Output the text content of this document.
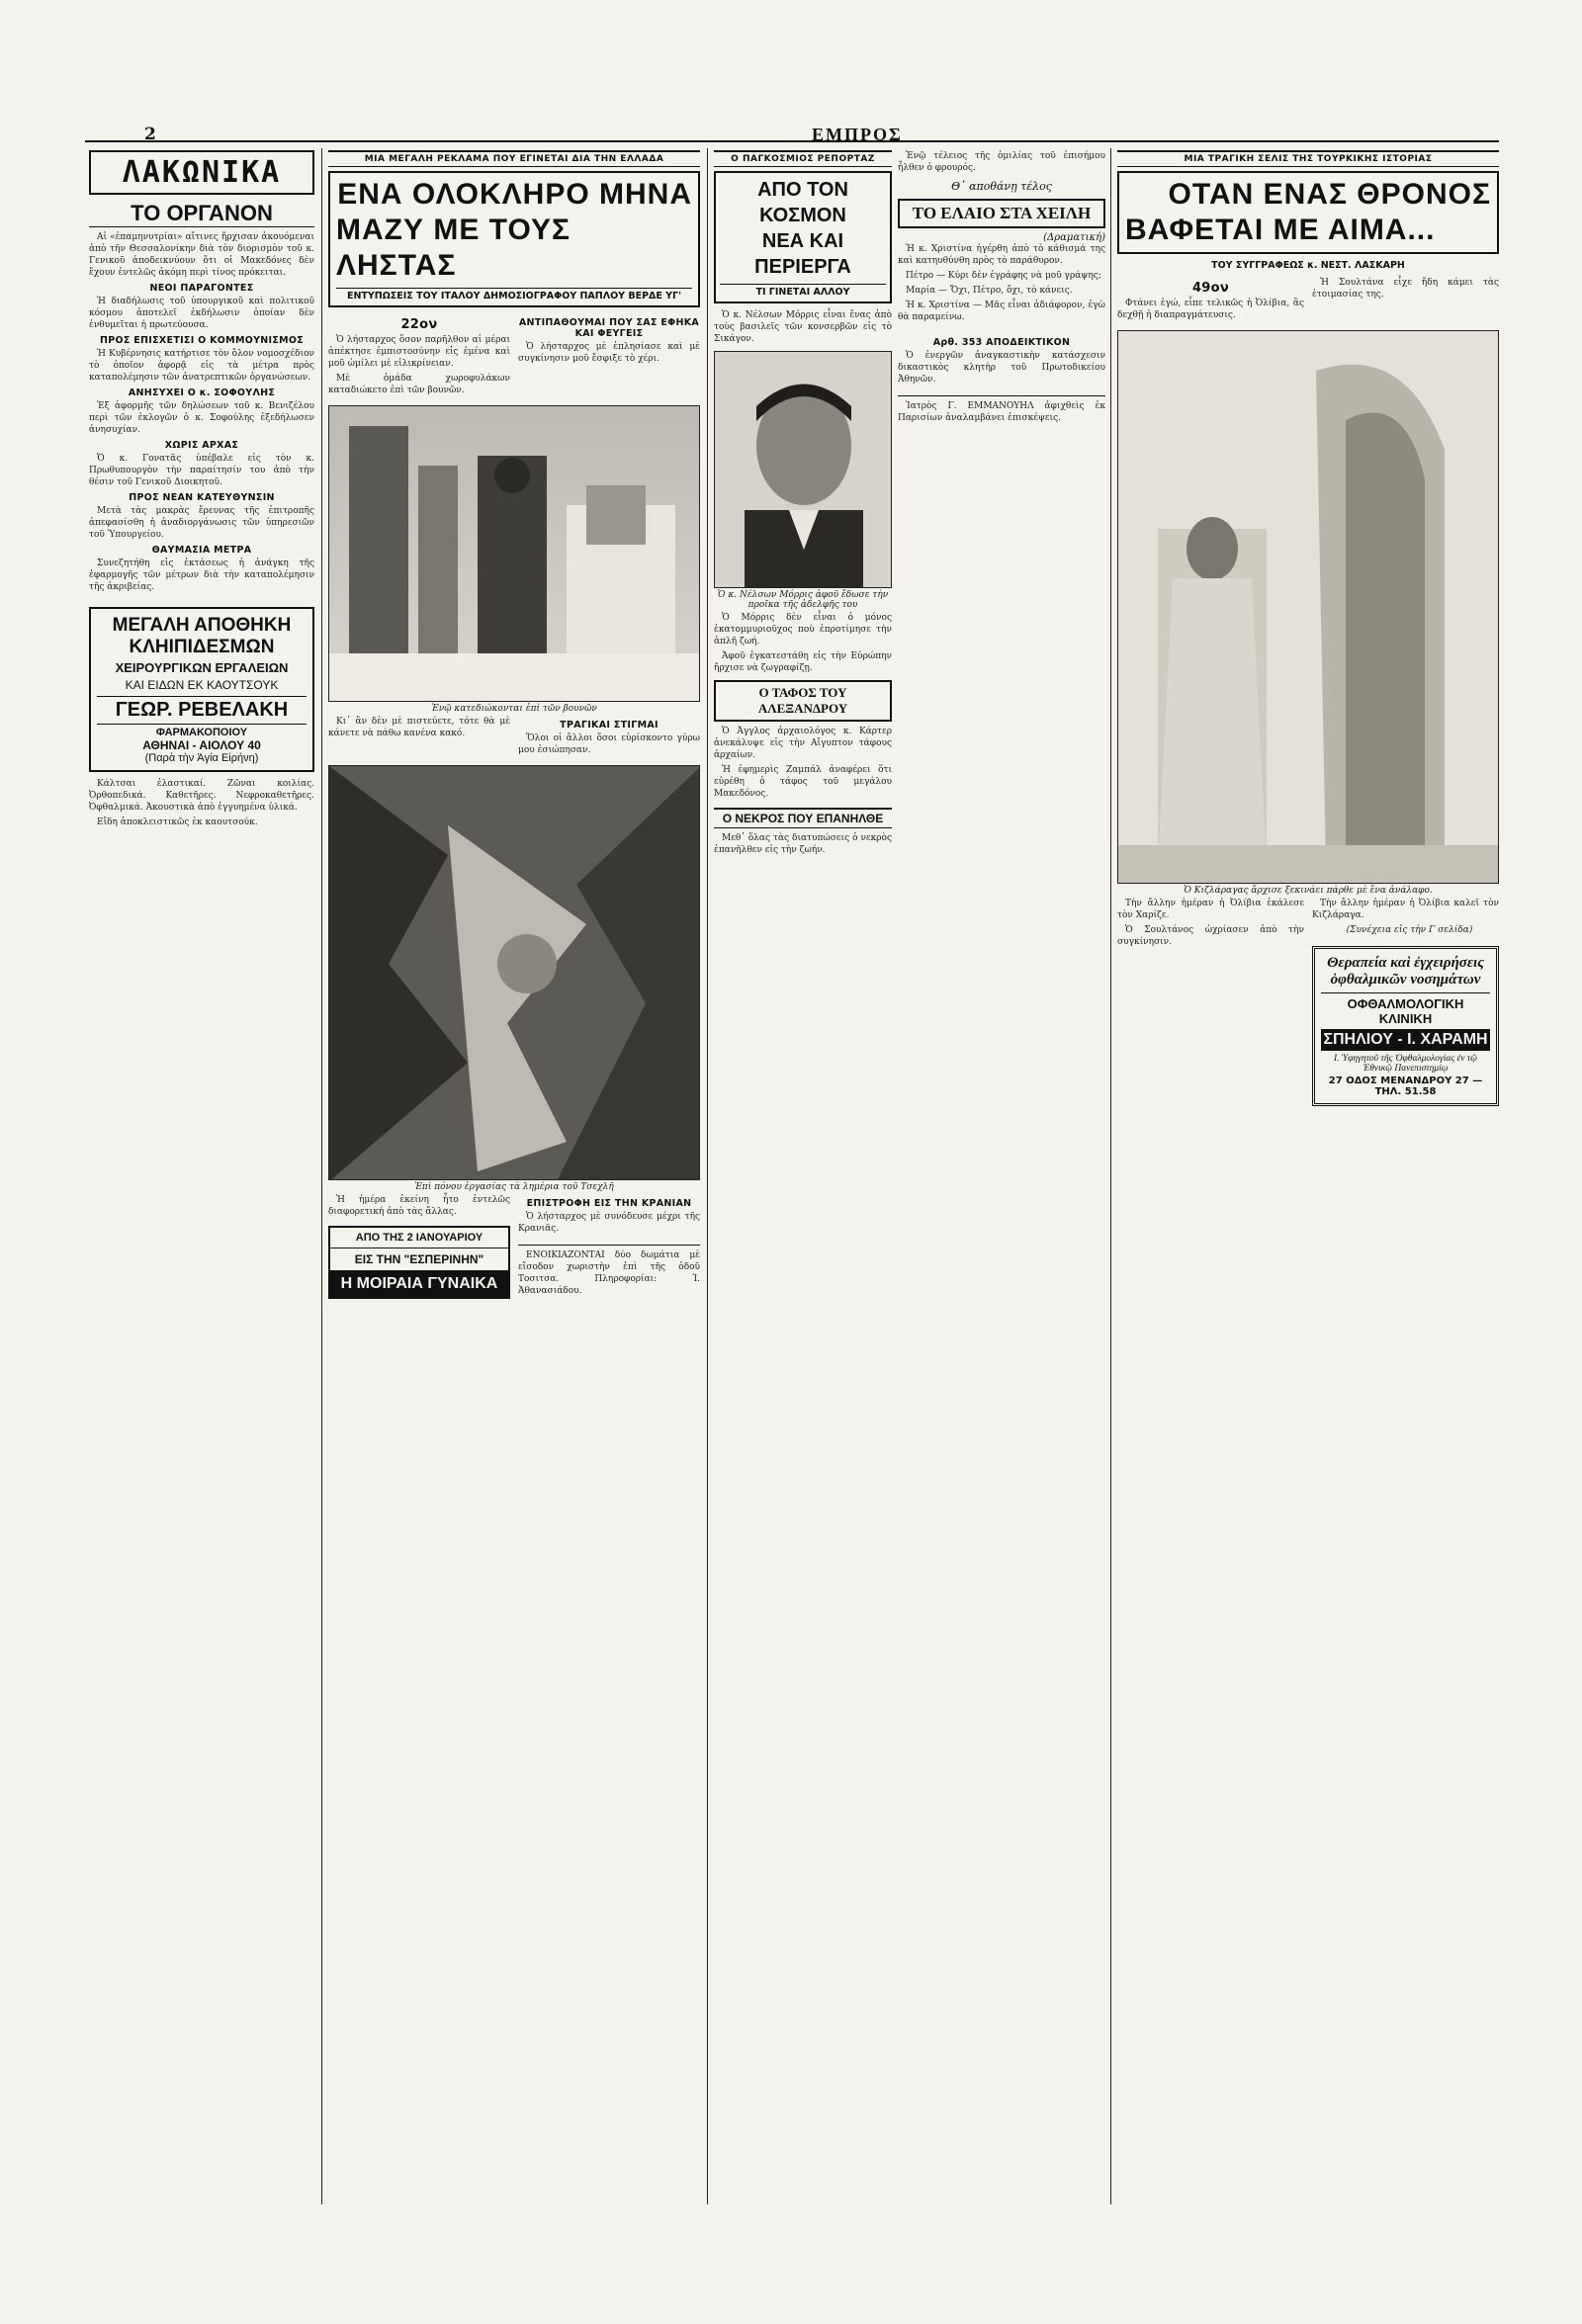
2	ΕΜΠΡΟΣ
ΛΑΚΩΝΙΚΑ
ΤΟ ΟΡΓΑΝΟΝ

Αἱ «ἐπαμηνυτρίαι» αἵτινες ἤρχισαν ἀκουόμεναι ἀπὸ τῆν Θεσσαλονίκην διὰ τὸν διορισμὸν τοῦ κ. Γενικοῦ ἀποδεικνύουν ὅτι οἱ Μακεδόνες δὲν ἔχουν ἐντελῶς ἀκόμη περὶ τίνος πρόκειται.

ΝΕΟΙ ΠΑΡΑΓΟΝΤΕΣ

Ἡ διαδήλωσις τοῦ ὑπουργικοῦ καὶ πολιτικοῦ κόσμου ἀποτελεῖ ἐκδήλωσιν ὁποίαν δὲν ἐνθυμεῖται ἡ πρωτεύουσα.

ΠΡΟΣ ΕΠΙΣΧΕΤΙΣΙ Ο ΚΟΜΜΟΥΝΙΣΜΟΣ

Ἡ Κυβέρνησις κατήρτισε τὸν ὅλον νομοσχέδιον τὸ ὁποῖον ἀφορᾷ εἰς τὰ μέτρα πρὸς καταπολέμησιν τῶν ἀνατρεπτικῶν ὀργανώσεων.

ΑΝΗΣΥΧΕΙ Ο κ. ΣΟΦΟΥΛΗΣ

Ἐξ ἀφορμῆς τῶν δηλώσεων τοῦ κ. Βενιζέλου περὶ τῶν ἐκλογῶν ὁ κ. Σοφούλης ἐξεδήλωσεν ἀνησυχίαν.

ΧΩΡΙΣ ΑΡΧΑΣ

Ὁ κ. Γονατᾶς ὑπέβαλε εἰς τὸν κ. Πρωθυπουργὸν τὴν παραίτησίν του ἀπὸ τὴν θέσιν τοῦ Γενικοῦ Διοικητοῦ.

ΠΡΟΣ ΝΕΑΝ ΚΑΤΕΥΘΥΝΣΙΝ

Μετὰ τὰς μακρὰς ἔρευνας τῆς ἐπιτροπῆς ἀπεφασίσθη ἡ ἀναδιοργάνωσις τῶν ὑπηρεσιῶν τοῦ Ὑπουργείου.

ΘΑΥΜΑΣΙΑ ΜΕΤΡΑ

Συνεζητήθη εἰς ἐκτάσεως ἡ ἀνάγκη τῆς ἐφαρμογῆς τῶν μέτρων διὰ τὴν καταπολέμησιν τῆς ἀκριβείας.

ΜΕΓΑΛΗ ΑΠΟΘΗΚΗ ΚΛΗΙΠΙΔΕΣΜΩΝ
ΧΕΙΡΟΥΡΓΙΚΩΝ ΕΡΓΑΛΕΙΩΝ
ΚΑΙ ΕΙΔΩΝ ΕΚ ΚΑΟΥΤΣΟΥΚ
ΓΕΩΡ. ΡΕΒΕΛΑΚΗ
ΦΑΡΜΑΚΟΠΟΙΟΥ
ΑΘΗΝΑΙ - ΑΙΟΛΟΥ 40
(Παρὰ τὴν Ἁγία Εἰρήνη)

Κάλτσαι ἐλαστικαί. Ζῶναι κοιλίας. Ὀρθοπεδικά. Καθετῆρες. Νεφροκαθετῆρες. Ὀφθαλμικά. Ἀκουστικὰ ἀπὸ ἐγγυημένα ὑλικά.

Εἴδη ἀποκλειστικῶς ἐκ καουτσούκ.

ΜΙΑ ΜΕΓΑΛΗ ΡΕΚΛΑΜΑ ΠΟΥ ΕΓΙΝΕΤΑΙ ΔΙΑ ΤΗΝ ΕΛΛΑΔΑ
ΕΝΑ ΟΛΟΚΛΗΡΟ ΜΗΝΑ
ΜΑΖΥ ΜΕ ΤΟΥΣ ΛΗΣΤΑΣ
ΕΝΤΥΠΩΣΕΙΣ ΤΟΥ ΙΤΑΛΟΥ ΔΗΜΟΣΙΟΓΡΑΦΟΥ ΠΑΠΛΟΥ ΒΕΡΔΕ ΥΓ'
22ον

Ὁ λήσταρχος ὅσον παρῆλθον αἱ μέραι ἀπέκτησε ἐμπιστοσύνην εἰς ἐμένα καὶ μοῦ ὡμίλει μὲ εἰλικρίνειαν.

Μὲ ὁμάδα χωροφυλάκων καταδιώκετο ἐπὶ τῶν βουνῶν.

ΑΝΤΙΠΑΘΟΥΜΑΙ ΠΟΥ ΣΑΣ ΕΦΗΚΑ ΚΑΙ ΦΕΥΓΕΙΣ

Ὁ λήσταρχος μὲ ἐπλησίασε καὶ μὲ συγκίνησιν μοῦ ἔσφιξε τὸ χέρι.

Ἐνῷ κατεδιώκονται ἐπὶ τῶν βουνῶν

Κι᾽ ἂν δὲν μὲ πιστεύετε, τότε θὰ μὲ κάνετε νὰ πάθω κανένα κακό.

ΤΡΑΓΙΚΑΙ ΣΤΙΓΜΑΙ

Ὅλοι οἱ ἄλλοι ὅσοι εὑρίσκοντο γύρω μου ἐσιώπησαν.

Ἐπὶ πόνου ἐργασίας τὰ λημέρια τοῦ Τσεχλῆ

Ἡ ἡμέρα ἐκείνη ἦτο ἐντελῶς διαφορετική ἀπὸ τὰς ἄλλας.

ΑΠΟ ΤΗΣ 2 ΙΑΝΟΥΑΡΙΟΥ
ΕΙΣ ΤΗΝ "ΕΣΠΕΡΙΝΗΝ"
Η ΜΟΙΡΑΙΑ ΓΥΝΑΙΚΑ
ΕΠΙΣΤΡΟΦΗ ΕΙΣ ΤΗΝ ΚΡΑΝΙΑΝ

Ὁ λήσταρχος μὲ συνόδευσε μέχρι τῆς Κρανιᾶς.

ΕΝΟΙΚΙΑΖΟΝΤΑΙ δύο δωμάτια μὲ εἴσοδον χωριστὴν ἐπὶ τῆς ὁδοῦ Τοσιτσα. Πληροφορίαι: Ἰ. Ἀθανασιάδου.

Ο ΠΑΓΚΟΣΜΙΟΣ ΡΕΠΟΡΤΑΖ
ΑΠΟ ΤΟΝ ΚΟΣΜΟΝ
ΝΕΑ ΚΑΙ ΠΕΡΙΕΡΓΑ
ΤΙ ΓΙΝΕΤΑΙ ΑΛΛΟΥ

Ὁ κ. Νέλσων Μόρρις εἶναι ἕνας ἀπὸ τοὺς βασιλεῖς τῶν κονσερβῶν εἰς τὸ Σικάγον.

Ὁ κ. Νέλσων Μόρρις ἀφοῦ ἔδωσε τὴν προῖκα τῆς ἀδελφῆς του

Ὁ Μόρρις δὲν εἶναι ὁ μόνος ἑκατομμυριοῦχος ποὺ ἐπροτίμησε τὴν ἁπλῆ ζωή.

Ἀφοῦ ἐγκατεστάθη εἰς τὴν Εὐρώπην ἤρχισε νὰ ζωγραφίζῃ.

Ο ΤΑΦΟΣ ΤΟΥ ΑΛΕΞΑΝΔΡΟΥ

Ὁ Ἀγγλος ἀρχαιολόγος κ. Κάρτερ ἀνεκάλυψε εἰς τὴν Αἴγυπτον τάφους ἀρχαίων.

Ἡ ἐφημερὶς Ζαμπάλ ἀναφέρει ὅτι εὑρέθη ὁ τάφος τοῦ μεγάλου Μακεδόνος.

Ο ΝΕΚΡΟΣ ΠΟΥ ΕΠΑΝΗΛΘΕ

Μεθ᾽ ὅλας τὰς διατυπώσεις ὁ νεκρὸς ἐπανῆλθεν εἰς τὴν ζωήν.

Ἐνῷ τέλειος τῆς ὁμιλίας τοῦ ἐπισήμου ἦλθεν ὁ φρουρός.

Θ᾽ αποθάνῃ τέλος
ΤΟ ΕΛΑΙΟ ΣΤΑ ΧΕΙΛΗ
(Δραματική)

Ἡ κ. Χριστίνα ἠγέρθη ἀπὸ τὸ κάθισμά της καὶ κατηυθύνθη πρὸς τὸ παράθυρον.

Πέτρο — Κύρι δὲν ἐγράφης νὰ μοῦ γράψης;

Μαρία — Ὄχι, Πέτρο, ὄχι, τὸ κάνεις.

Ἡ κ. Χριστίνα — Μᾶς εἶναι ἀδιάφορον, ἐγὼ θὰ παραμείνω.

Αρθ. 353 ΑΠΟΔΕΙΚΤΙΚΟΝ

Ὁ ἐνεργῶν ἀναγκαστικὴν κατάσχεσιν δικαστικὸς κλητὴρ τοῦ Πρωτοδικείου Ἀθηνῶν.

Ἰατρὸς Γ. ΕΜΜΑΝΟΥΗΛ ἀφιχθεὶς ἐκ Παρισίων ἀναλαμβάνει ἐπισκέψεις.

ΜΙΑ ΤΡΑΓΙΚΗ ΣΕΛΙΣ ΤΗΣ ΤΟΥΡΚΙΚΗΣ ΙΣΤΟΡΙΑΣ
ΟΤΑΝ ΕΝΑΣ ΘΡΟΝΟΣ
ΒΑΦΕΤΑΙ ΜΕ ΑΙΜΑ...
ΤΟΥ ΣΥΓΓΡΑΦΕΩΣ κ. ΝΕΣΤ. ΛΑΣΚΑΡΗ
49ον

Φτάνει ἐγώ, εἶπε τελικῶς ἡ Ὀλίβια, ἂς δεχθῇ ἡ διαπραγμάτευσις.

Ἡ Σουλτάνα εἶχε ἤδη κάμει τὰς ἑτοιμασίας της.

Ὁ Κιζλάραγας ἄρχισε ξεκινάει πάρθε μὲ ἕνα ἀνάλαφο.

Τὴν ἄλλην ἡμέραν ἡ Ὀλίβια ἐκάλεσε τὸν Χαρίζε.

Ὁ Σουλτάνος ὠχρίασεν ἀπὸ τὴν συγκίνησιν.

Τὴν ἄλλην ἡμέραν ἡ Ὀλίβια καλεῖ τὸν Κιζλάραγα.

(Συνέχεια εἰς τὴν Γ σελίδα)

Θεραπεία καὶ ἐγχειρήσεις ὀφθαλμικῶν νοσημάτων
ΟΦΘΑΛΜΟΛΟΓΙΚΗ ΚΛΙΝΙΚΗ
ΣΠΗΛΙΟΥ - Ι. ΧΑΡΑΜΗ
Ι. Ὑφηγητοῦ τῆς Ὀφθαλμολογίας ἐν τῷ Ἐθνικῷ Πανεπιστημίῳ
27 ΟΔΟΣ ΜΕΝΑΝΔΡΟΥ 27 — ΤΗΛ. 51.58
